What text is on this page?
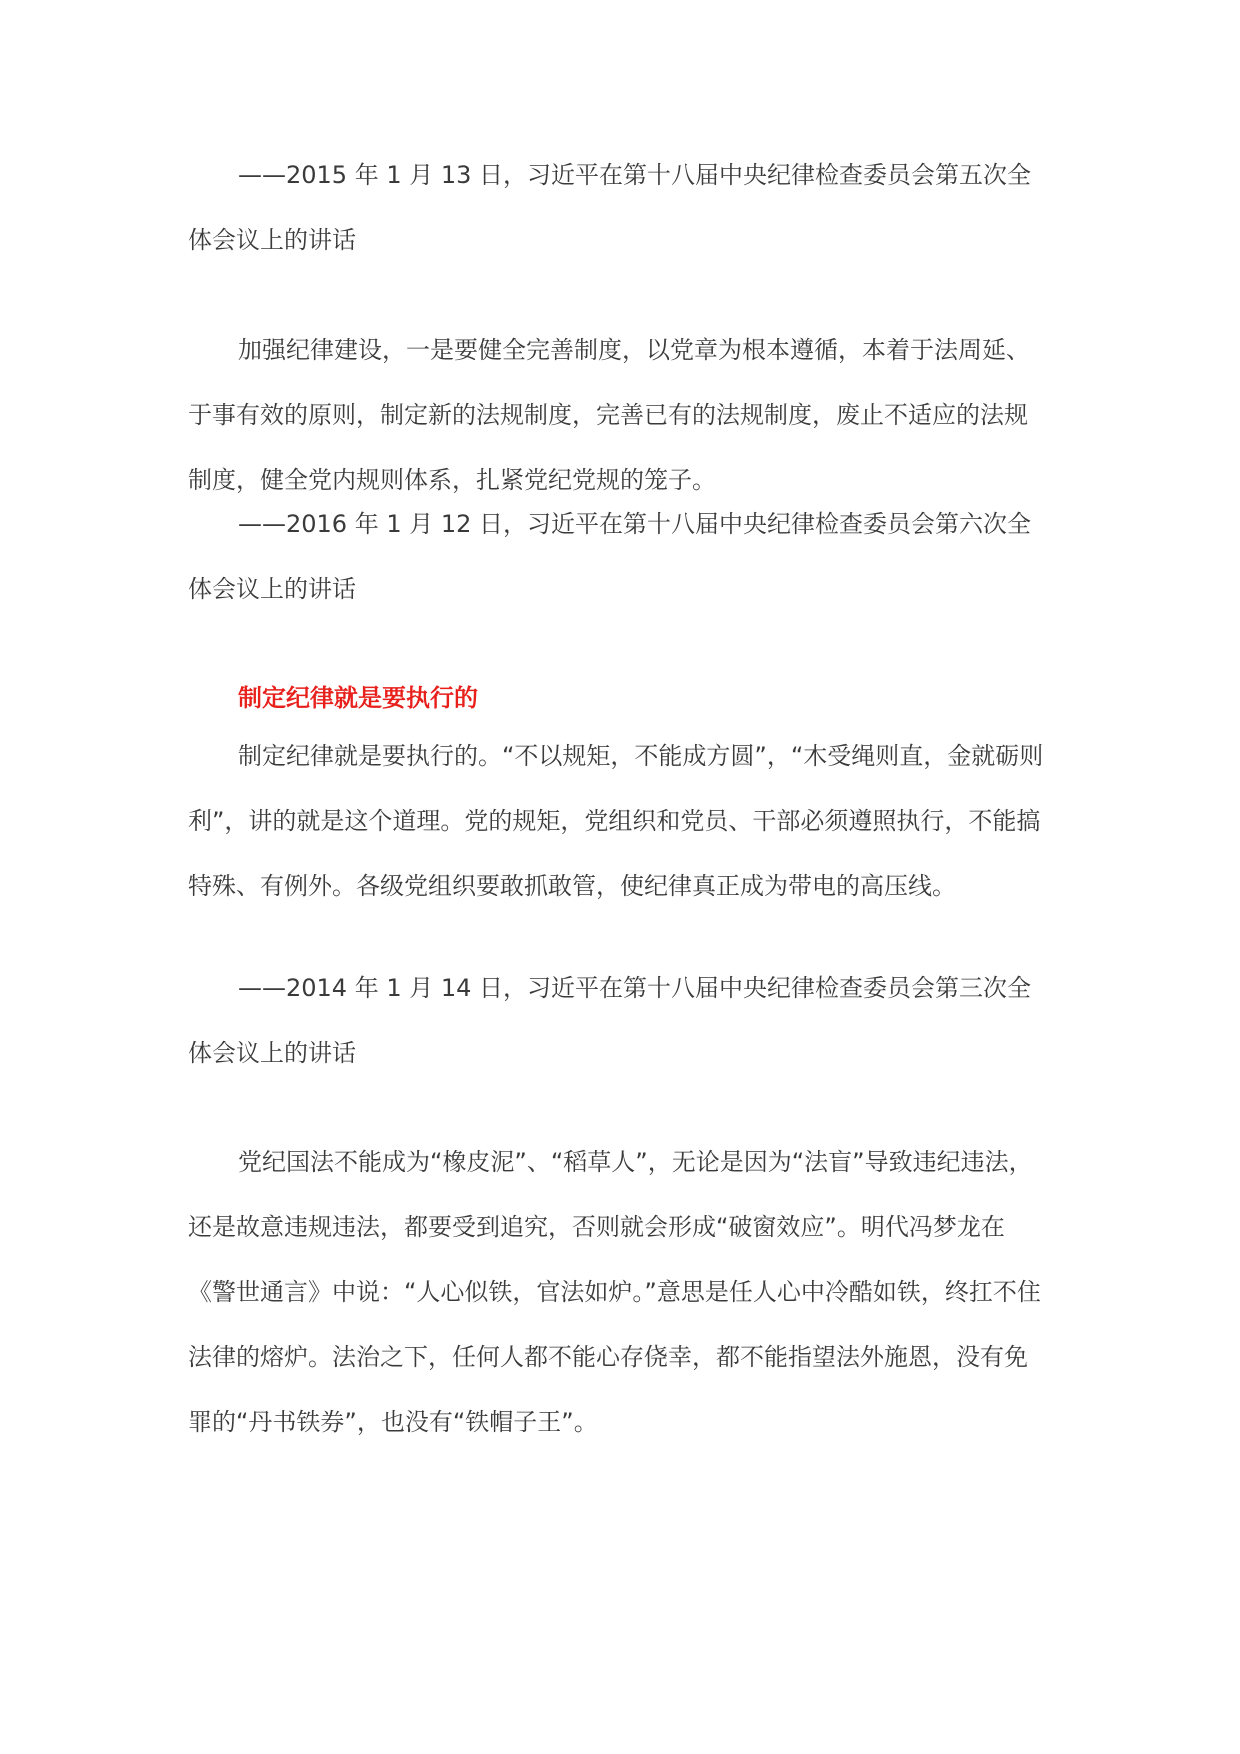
——2015 年 1 月 13 日，习近平在第十八届中央纪律检查委员会第五次全体会议上的讲话

加强纪律建设，一是要健全完善制度，以党章为根本遵循，本着于法周延、于事有效的原则，制定新的法规制度，完善已有的法规制度，废止不适应的法规制度，健全党内规则体系，扎紧党纪党规的笼子。

——2016 年 1 月 12 日，习近平在第十八届中央纪律检查委员会第六次全体会议上的讲话

制定纪律就是要执行的

制定纪律就是要执行的。“不以规矩，不能成方圆”，“木受绳则直，金就砺则利”，讲的就是这个道理。党的规矩，党组织和党员、干部必须遵照执行，不能搞特殊、有例外。各级党组织要敢抓敢管，使纪律真正成为带电的高压线。

——2014 年 1 月 14 日，习近平在第十八届中央纪律检查委员会第三次全体会议上的讲话

党纪国法不能成为“橡皮泥”、“稻草人”，无论是因为“法盲”导致违纪违法，还是故意违规违法，都要受到追究，否则就会形成“破窗效应”。明代冯梦龙在《警世通言》中说：“人心似铁，官法如炉。”意思是任人心中冷酷如铁，终扛不住法律的熔炉。法治之下，任何人都不能心存侥幸，都不能指望法外施恩，没有免罪的“丹书铁券”，也没有“铁帽子王”。
